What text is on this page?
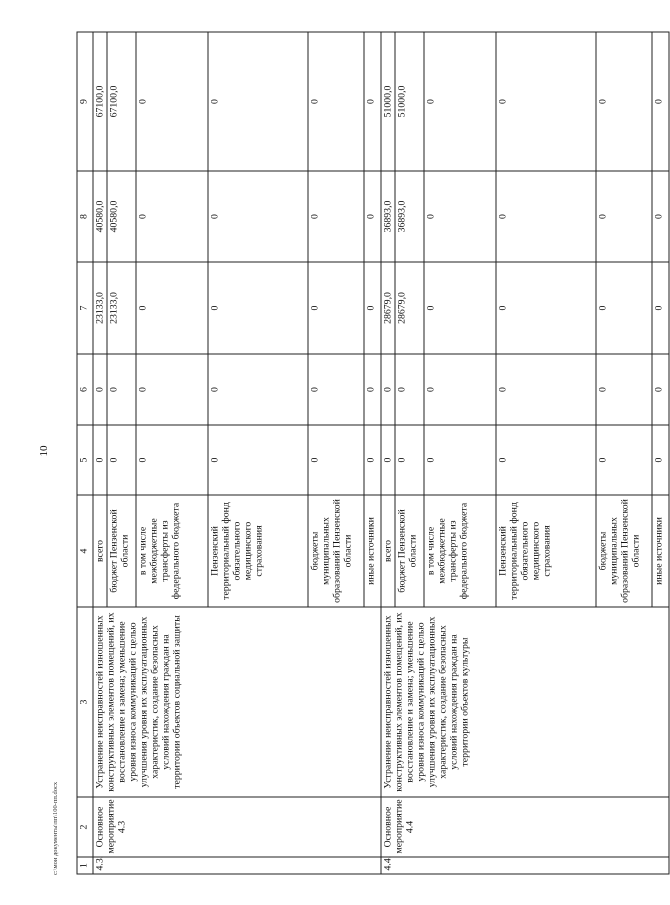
10
c:\мои документы\пп\100-пп.docx	1	2	3	4	5	6	7	8	9
4.3.	Основное мероприятие 4.3	Устранение неисправностей изношенных конструктивных элементов помещений, их восстановление и замена; уменьшение уровня износа коммуникаций с целью улучшения уровня их эксплуатационных характеристик, создание безопасных условий нахождения граждан на территории объектов социальной защиты	всего	0	0	23133,0	40580,0	67100,0
			бюджет Пензенской области	0	0	23133,0	40580,0	67100,0
			в том числе межбюджетные трансферты из федерального бюджета	0	0	0	0	0
			Пензенский территориальный фонд обязательного медицинского страхования	0	0	0	0	0
			бюджеты муниципальных образований Пензенской области	0	0	0	0	0
			иные источники	0	0	0	0	0
4.4.	Основное мероприятие 4.4	Устранение неисправностей изношенных конструктивных элементов помещений, их восстановление и замена; уменьшение уровня износа коммуникаций с целью улучшения уровня их эксплуатационных характеристик, создание безопасных условий нахождения граждан на территории объектов культуры	всего	0	0	28679,0	36893,0	51000,0
			бюджет Пензенской области	0	0	28679,0	36893,0	51000,0
			в том числе межбюджетные трансферты из федерального бюджета	0	0	0	0	0
			Пензенский территориальный фонд обязательного медицинского страхования	0	0	0	0	0
			бюджеты муниципальных образований Пензенской области	0	0	0	0	0
			иные источники	0	0	0	0	0
